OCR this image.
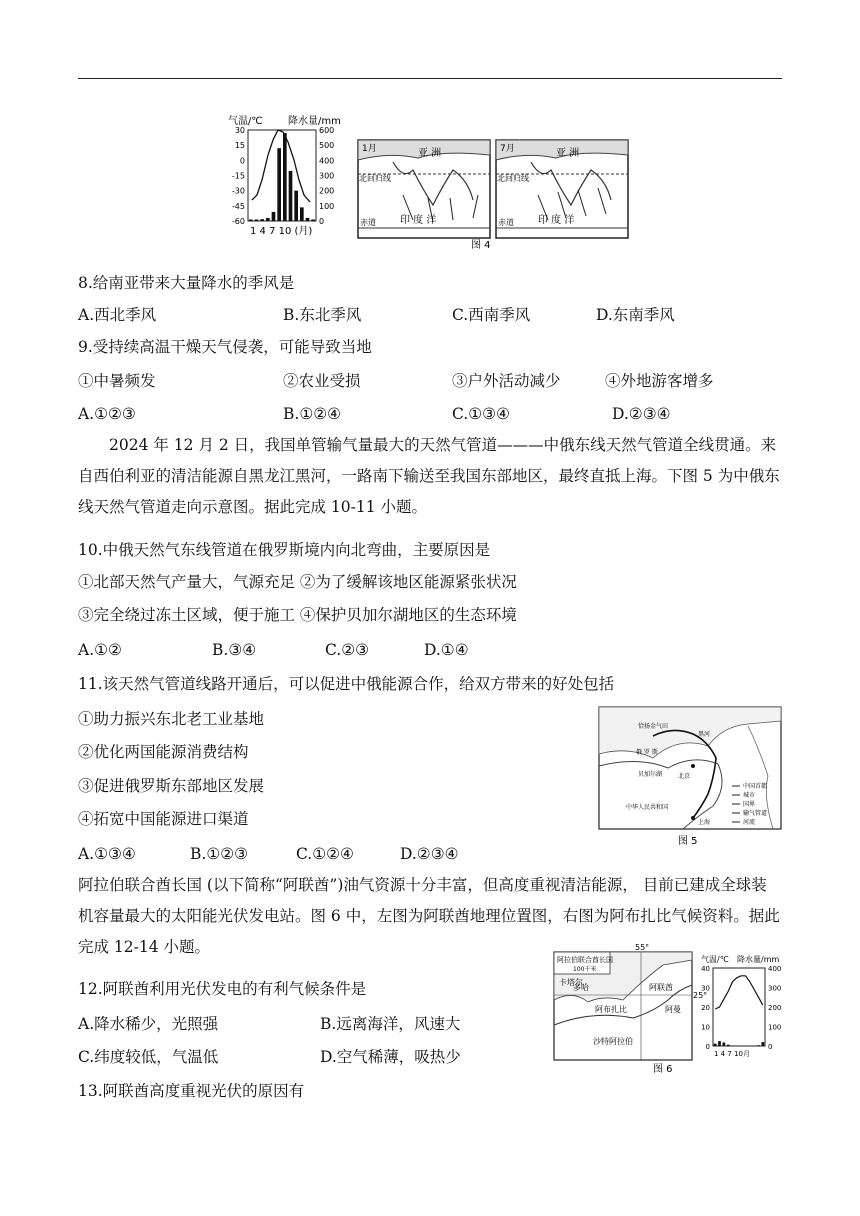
气温/℃	降水量/mm
30
15
0
-15
-30
-45
-60
600
500
400
300
200
100
0
1 4 7 10 (月)
1月	亚 洲
北回归线
赤道 印 度 洋
7月	亚 洲
北回归线
赤道 印 度 洋
图 4
8.给南亚带来大量降水的季风是
A.西北季风	B.东北季风	C.西南季风	D.东南季风
9.受持续高温干燥天气侵袭，可能导致当地
①中暑频发	②农业受损	③户外活动减少	④外地游客增多
A.①②③	B.①②④	C.①③④	D.②③④
2024 年 12 月 2 日，我国单管输气量最大的天然气管道———中俄东线天然气管道全线贯通。来自西伯利亚的清洁能源自黑龙江黑河，一路南下输送至我国东部地区，最终直抵上海。下图 5 为中俄东线天然气管道走向示意图。据此完成 10-11 小题。
10.中俄天然气东线管道在俄罗斯境内向北弯曲，主要原因是
①北部天然气产量大，气源充足 ②为了缓解该地区能源紧张状况
③完全绕过冻土区域，便于施工 ④保护贝加尔湖地区的生态环境
A.①②	B.③④	C.②③	D.①④
11.该天然气管道线路开通后，可以促进中俄能源合作，给双方带来的好处包括
①助力振兴东北老工业基地
②优化两国能源消费结构
③促进俄罗斯东部地区发展
④拓宽中国能源进口渠道
A.①③④	B.①②③	C.①②④	D.②③④
恰扬金气田
俄 罗 斯
贝加尔湖
黑河
北京
中华人民共和国
上海
中国首都
城市
国界
输气管道
河流
图 5
阿拉伯联合酋长国 (以下简称“阿联酋”)油气资源十分丰富，但高度重视清洁能源， 目前已建成全球装机容量最大的太阳能光伏发电站。图 6 中，左图为阿联酋地理位置图，右图为阿布扎比气候资料。据此完成 12-14 小题。
12.阿联酋利用光伏发电的有利气候条件是
A.降水稀少，光照强	B.远离海洋，风速大
C.纬度较低，气温低	D.空气稀薄，吸热少
13.阿联酋高度重视光伏的原因有
阿拉伯联合酋长国
100千米
55°
25°
卡塔尔
多哈
阿布扎比
阿联酋
阿曼
沙特阿拉伯
气温/℃ 降水量/mm
40
30
20
10
0
400
300
200
100
0
1 4 7 10月
图 6
